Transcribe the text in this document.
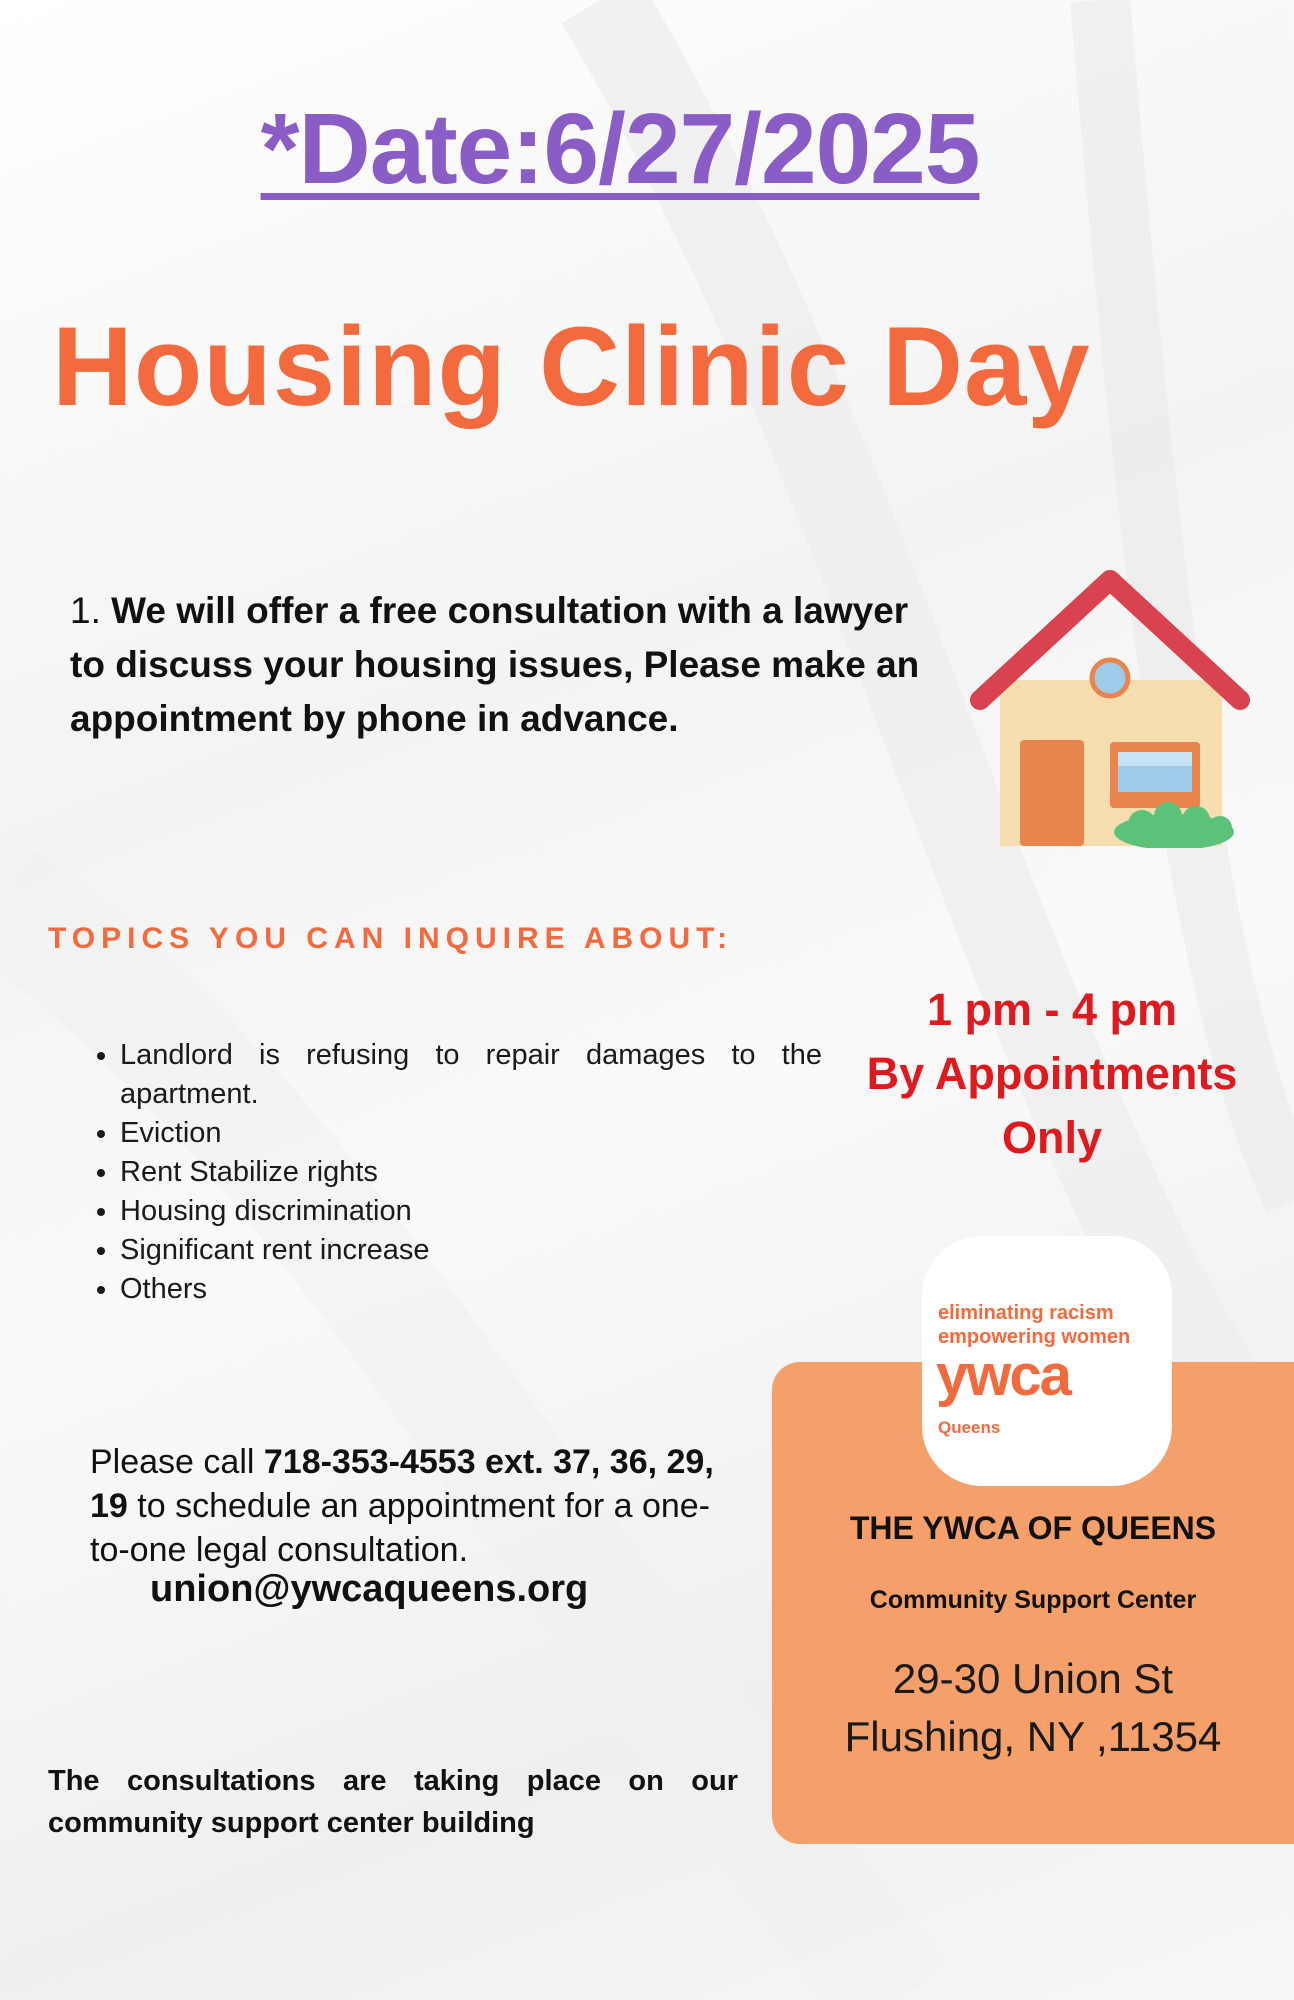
*Date:6/27/2025
Housing Clinic Day
1. We will offer a free consultation with a lawyer to discuss your housing issues, Please make an appointment by phone in advance.
TOPICS YOU CAN INQUIRE ABOUT:
• Landlord is refusing to repair damages to the apartment.
• Eviction
• Rent Stabilize rights
• Housing discrimination
• Significant rent increase
• Others
1 pm - 4 pm
By Appointments
Only
Please call 718-353-4553 ext. 37, 36, 29, 19 to schedule an appointment for a one-to-one legal consultation.
union@ywcaqueens.org
The consultations are taking place on our community support center building
eliminating racism
empowering women
ywca
Queens
THE YWCA OF QUEENS
Community Support Center
29-30 Union St
Flushing, NY ,11354
